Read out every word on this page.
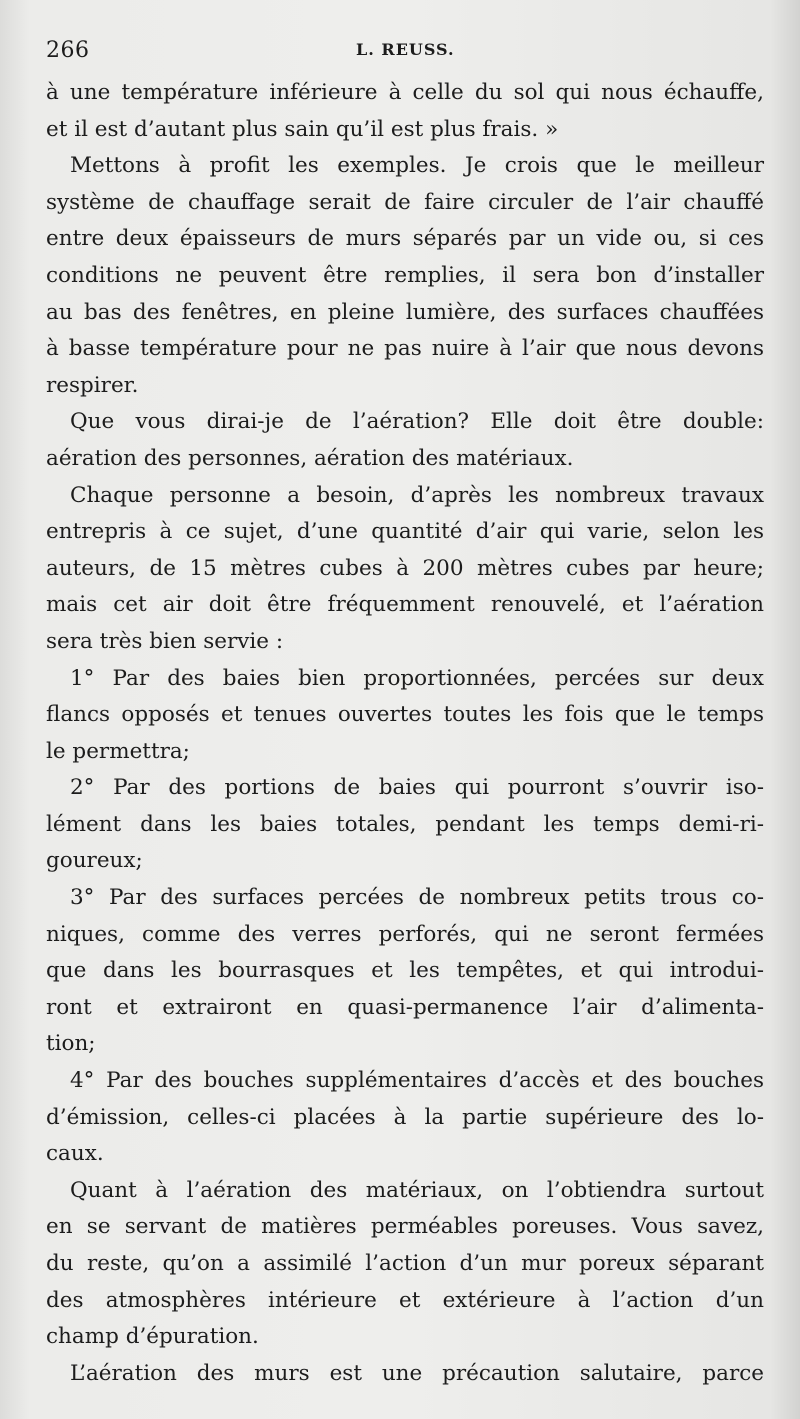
266	L. REUSS.
à une température inférieure à celle du sol qui nous échauffe,
et il est d’autant plus sain qu’il est plus frais. »
Mettons à profit les exemples. Je crois que le meilleur
système de chauffage serait de faire circuler de l’air chauffé
entre deux épaisseurs de murs séparés par un vide ou, si ces
conditions ne peuvent être remplies, il sera bon d’installer
au bas des fenêtres, en pleine lumière, des surfaces chauffées
à basse température pour ne pas nuire à l’air que nous devons
respirer.
Que vous dirai-je de l’aération? Elle doit être double:
aération des personnes, aération des matériaux.
Chaque personne a besoin, d’après les nombreux travaux
entrepris à ce sujet, d’une quantité d’air qui varie, selon les
auteurs, de 15 mètres cubes à 200 mètres cubes par heure;
mais cet air doit être fréquemment renouvelé, et l’aération
sera très bien servie :
1° Par des baies bien proportionnées, percées sur deux
flancs opposés et tenues ouvertes toutes les fois que le temps
le permettra;
2° Par des portions de baies qui pourront s’ouvrir iso-
lément dans les baies totales, pendant les temps demi-ri-
goureux;
3° Par des surfaces percées de nombreux petits trous co-
niques, comme des verres perforés, qui ne seront fermées
que dans les bourrasques et les tempêtes, et qui introdui-
ront et extrairont en quasi-permanence l’air d’alimenta-
tion;
4° Par des bouches supplémentaires d’accès et des bouches
d’émission, celles-ci placées à la partie supérieure des lo-
caux.
Quant à l’aération des matériaux, on l’obtiendra surtout
en se servant de matières perméables poreuses. Vous savez,
du reste, qu’on a assimilé l’action d’un mur poreux séparant
des atmosphères intérieure et extérieure à l’action d’un
champ d’épuration.
L’aération des murs est une précaution salutaire, parce
